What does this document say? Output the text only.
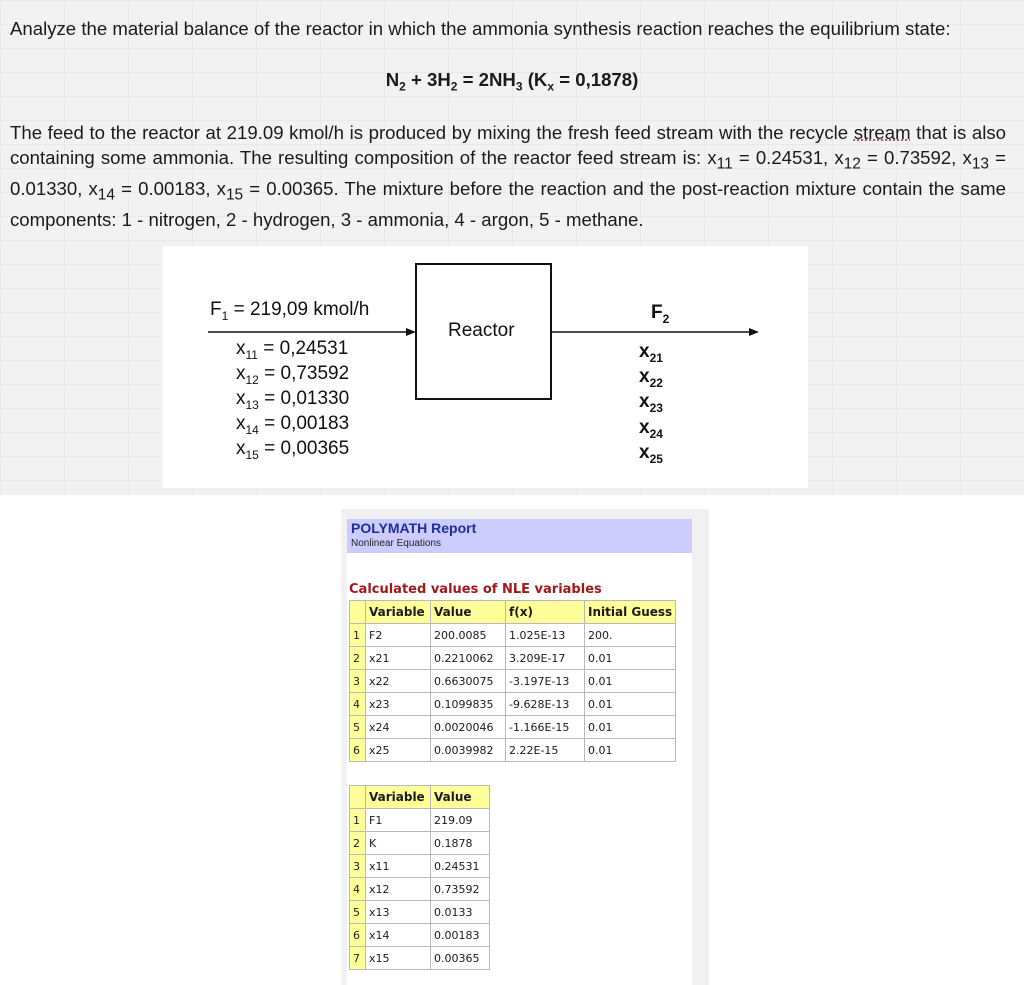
Analyze the material balance of the reactor in which the ammonia synthesis reaction reaches the equilibrium state:
$N_2 + 3H_2 = 2NH_3$ $(K_x = 0,1878)$
The feed to the reactor at 219.09 kmol/h is produced by mixing the fresh feed stream with the recycle stream that is also containing some ammonia. The resulting composition of the reactor feed stream is: $x_{11} = 0.24531$, $x_{12} = 0.73592$, $x_{13} = 0.01330$, $x_{14} = 0.00183$, $x_{15} = 0.00365$. The mixture before the reaction and the post-reaction mixture contain the same components: 1 - nitrogen, 2 - hydrogen, 3 - ammonia, 4 - argon, 5 - methane.
Reactor
$F_1 = 219,09$ kmol/h
$x_{11} = 0,24531$
$x_{12} = 0,73592$
$x_{13} = 0,01330$
$x_{14} = 0,00183$
$x_{15} = 0,00365$
$F_2$
$x_{21}$
$x_{22}$
$x_{23}$
$x_{24}$
$x_{25}$
POLYMATH Report
Nonlinear Equations
Calculated values of NLE variables
	Variable	Value	f(x)	Initial Guess
1	F2	200.0085	1.025E-13	200.
2	x21	0.2210062	3.209E-17	0.01
3	x22	0.6630075	-3.197E-13	0.01
4	x23	0.1099835	-9.628E-13	0.01
5	x24	0.0020046	-1.166E-15	0.01
6	x25	0.0039982	2.22E-15	0.01
	Variable	Value
1	F1	219.09
2	K	0.1878
3	x11	0.24531
4	x12	0.73592
5	x13	0.0133
6	x14	0.00183
7	x15	0.00365
